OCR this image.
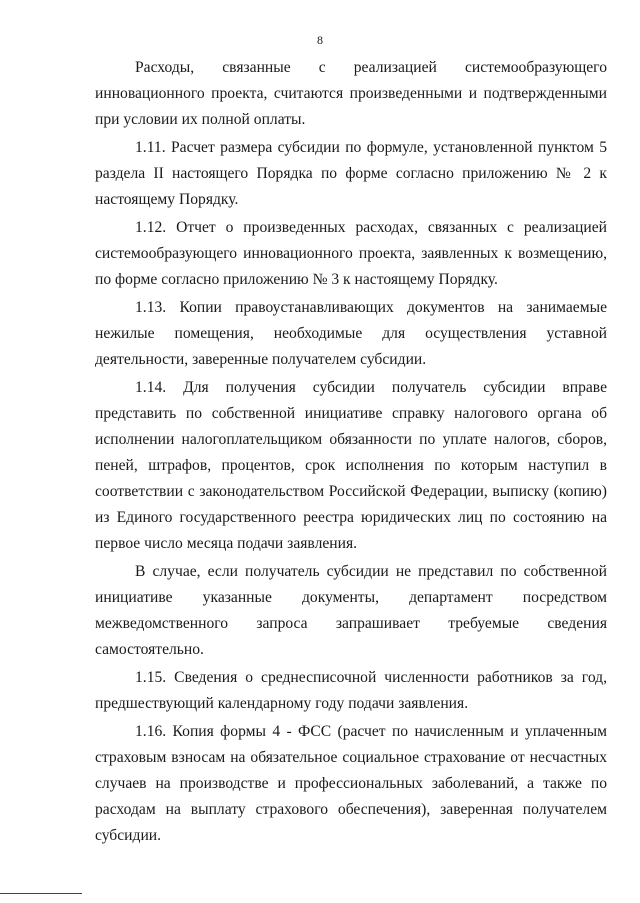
8

Расходы, связанные с реализацией системообразующего инновационного проекта, считаются произведенными и подтвержденными при условии их полной оплаты.

1.11. Расчет размера субсидии по формуле, установленной пунктом 5 раздела II настоящего Порядка по форме согласно приложению № 2 к настоящему Порядку.

1.12. Отчет о произведенных расходах, связанных с реализацией системообразующего инновационного проекта, заявленных к возмещению, по форме согласно приложению № 3 к настоящему Порядку.

1.13. Копии правоустанавливающих документов на занимаемые нежилые помещения, необходимые для осуществления уставной деятельности, заверенные получателем субсидии.

1.14. Для получения субсидии получатель субсидии вправе представить по собственной инициативе справку налогового органа об исполнении налогоплательщиком обязанности по уплате налогов, сборов, пеней, штрафов, процентов, срок исполнения по которым наступил в соответствии с законодательством Российской Федерации, выписку (копию) из Единого государственного реестра юридических лиц по состоянию на первое число месяца подачи заявления.

В случае, если получатель субсидии не представил по собственной инициативе указанные документы, департамент посредством межведомственного запроса запрашивает требуемые сведения самостоятельно.

1.15. Сведения о среднесписочной численности работников за год, предшествующий календарному году подачи заявления.

1.16. Копия формы 4 - ФСС (расчет по начисленным и уплаченным страховым взносам на обязательное социальное страхование от несчастных случаев на производстве и профессиональных заболеваний, а также по расходам на выплату страхового обеспечения), заверенная получателем субсидии.
